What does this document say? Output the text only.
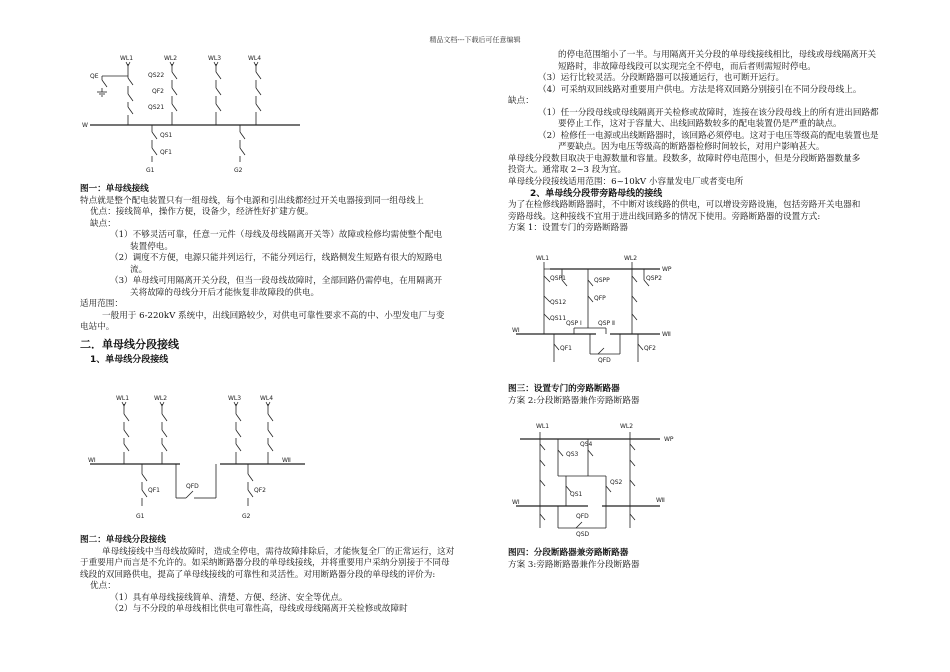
精品文档---下载后可任意编辑
W
WL1
QE
WL2
QS22
QF2
QS21
WL3	WL4
QS1
QF1
G1	G2

图一：单母线接线

特点就是整个配电装置只有一组母线，每个电源和引出线都经过开关电器接到同一组母线上

优点：接线简单，操作方便，设备少，经济性好扩建方便。

缺点：

（1）不够灵活可靠，任意一元件（母线及母线隔离开关等）故障或检修均需使整个配电

装置停电。

（2）调度不方便，电源只能并列运行，不能分列运行，线路侧发生短路有很大的短路电

流。

（3）单母线可用隔离开关分段，但当一段母线故障时，全部回路仍需停电，在用隔离开

关将故障的母线分开后才能恢复非故障段的供电。

适用范围：

一般用于 6-220kV 系统中，出线回路较少，对供电可靠性要求不高的中、小型发电厂与变

电站中。

二．单母线分段接线

1、单母线分段接线

WⅠ	WⅡ
WL1	WL2	WL3	WL4
QFD
QF1
G1
QF2
G2

图二：单母线分段接线

单母线接线中当母线故障时，造成全停电，需待故障排除后，才能恢复全厂的正常运行，这对

于重要用户而言是不允许的。如采纳断路器分段的单母线接线，并将重要用户采纳分别接于不同母

线段的双回路供电，提高了单母线接线的可靠性和灵活性。对用断路器分段的单母线的评价为:

优点：

（1）具有单母线接线简单、清楚、方便、经济、安全等优点。

（2）与不分段的单母线相比供电可靠性高，母线或母线隔离开关检修或故障时

的停电范围缩小了一半。与用隔离开关分段的单母线接线相比，母线或母线隔离开关

短路时，非故障母线段可以实现完全不停电，而后者则需短时停电。

（3）运行比较灵活。分段断路器可以接通运行，也可断开运行。

（4）可采纳双回线路对重要用户供电。方法是将双回路分别接引在不同分段母线上。

缺点：

（1）任一分段母线或母线隔离开关检修或故障时，连接在该分段母线上的所有进出回路都

要停止工作，这对于容量大、出线回路数较多的配电装置仍是严重的缺点。

（2）检修任一电源或出线断路器时，该回路必须停电。这对于电压等级高的配电装置也是

严要缺点。因为电压等级高的断路器检修时间较长，对用户影响甚大。

单母线分段数目取决于电源数量和容量。段数多，故障时停电范围小，但是分段断路器数量多

投资大。通常取 2~3 段为宜。

单母线分段接线适用范围：6~10kV 小容量发电厂或者变电所

2、单母线分段带旁路母线的接线

为了在检修线路断路器时，不中断对该线路的供电，可以增设旁路设施，包括旁路开关电器和

旁路母线。这种接线不宜用于进出线回路多的情况下使用。旁路断路器的设置方式:

方案 1：设置专门的旁路断路器

WP
WⅠ
WⅡ
WL1	WL2
QSP1
QS12
QS11
QSPP
QFP
QSP Ⅰ	QSP Ⅱ
QSP2
QF1
QFD
QF2

图三：设置专门的旁路断路器

方案 2:分段断路器兼作旁路断路器

WL1	WL2
WP
WⅠ	WⅡ
QS3
QS4
QS2
QS1
QFD
QSD

图四：分段断路器兼旁路断路器

方案 3:旁路断路器兼作分段断路器
